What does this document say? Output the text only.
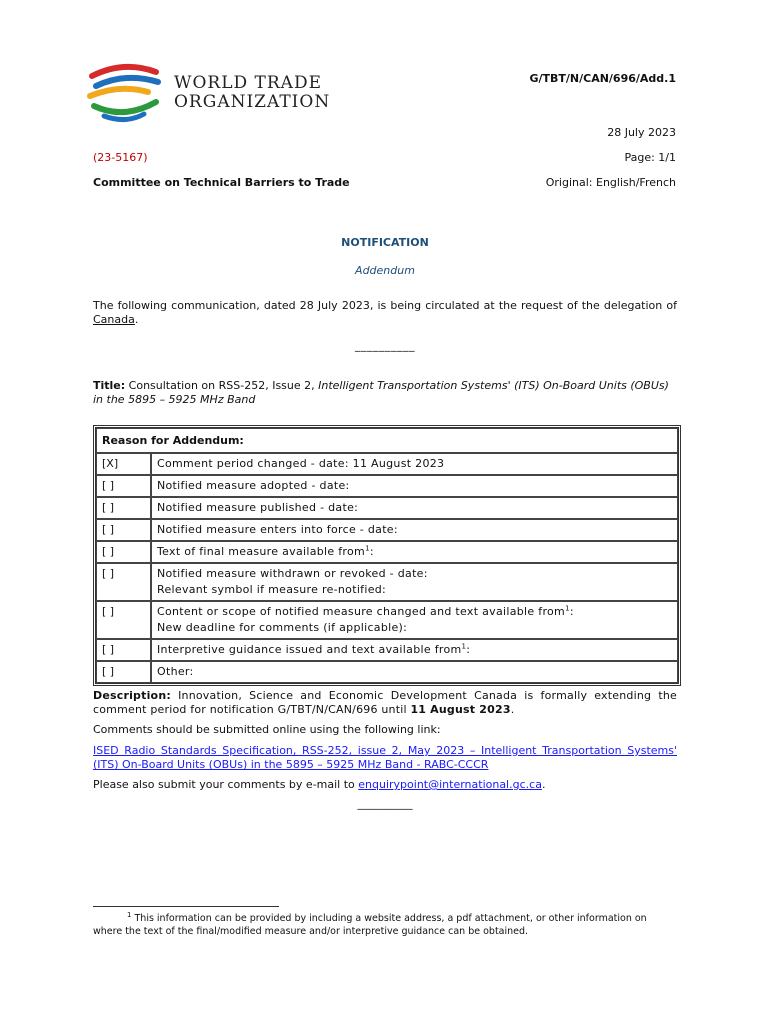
WORLD TRADE
ORGANIZATION
G/TBT/N/CAN/696/Add.1
28 July 2023
(23-5167)	Page: 1/1
Committee on Technical Barriers to Trade	Original: English/French
NOTIFICATION
Addendum
The following communication, dated 28 July 2023, is being circulated at the request of the delegation of Canada.
__________
Title: Consultation on RSS-252, Issue 2, Intelligent Transportation Systems' (ITS) On-Board Units (OBUs) in the 5895 – 5925 MHz Band
Reason for Addendum:	
[X]	Comment period changed - date: 11 August 2023

[ ]	Notified measure adopted - date:

[ ]	Notified measure published - date:

[ ]	Notified measure enters into force - date:

[ ]	Text of final measure available from$^1$:

[ ]	Notified measure withdrawn or revoked - date:
Relevant symbol if measure re-notified:

[ ]	Content or scope of notified measure changed and text available from$^1$:
New deadline for comments (if applicable):

[ ]	Interpretive guidance issued and text available from$^1$:

[ ]	Other:
Description: Innovation, Science and Economic Development Canada is formally extending the comment period for notification G/TBT/N/CAN/696 until 11 August 2023.
Comments should be submitted online using the following link:
ISED Radio Standards Specification, RSS-252, issue 2, May 2023 – Intelligent Transportation Systems' (ITS) On-Board Units (OBUs) in the 5895 – 5925 MHz Band - RABC-CCCR
Please also submit your comments by e-mail to enquirypoint@international.gc.ca.
__________
$^1$ This information can be provided by including a website address, a pdf attachment, or other information on where the text of the final/modified measure and/or interpretive guidance can be obtained.
